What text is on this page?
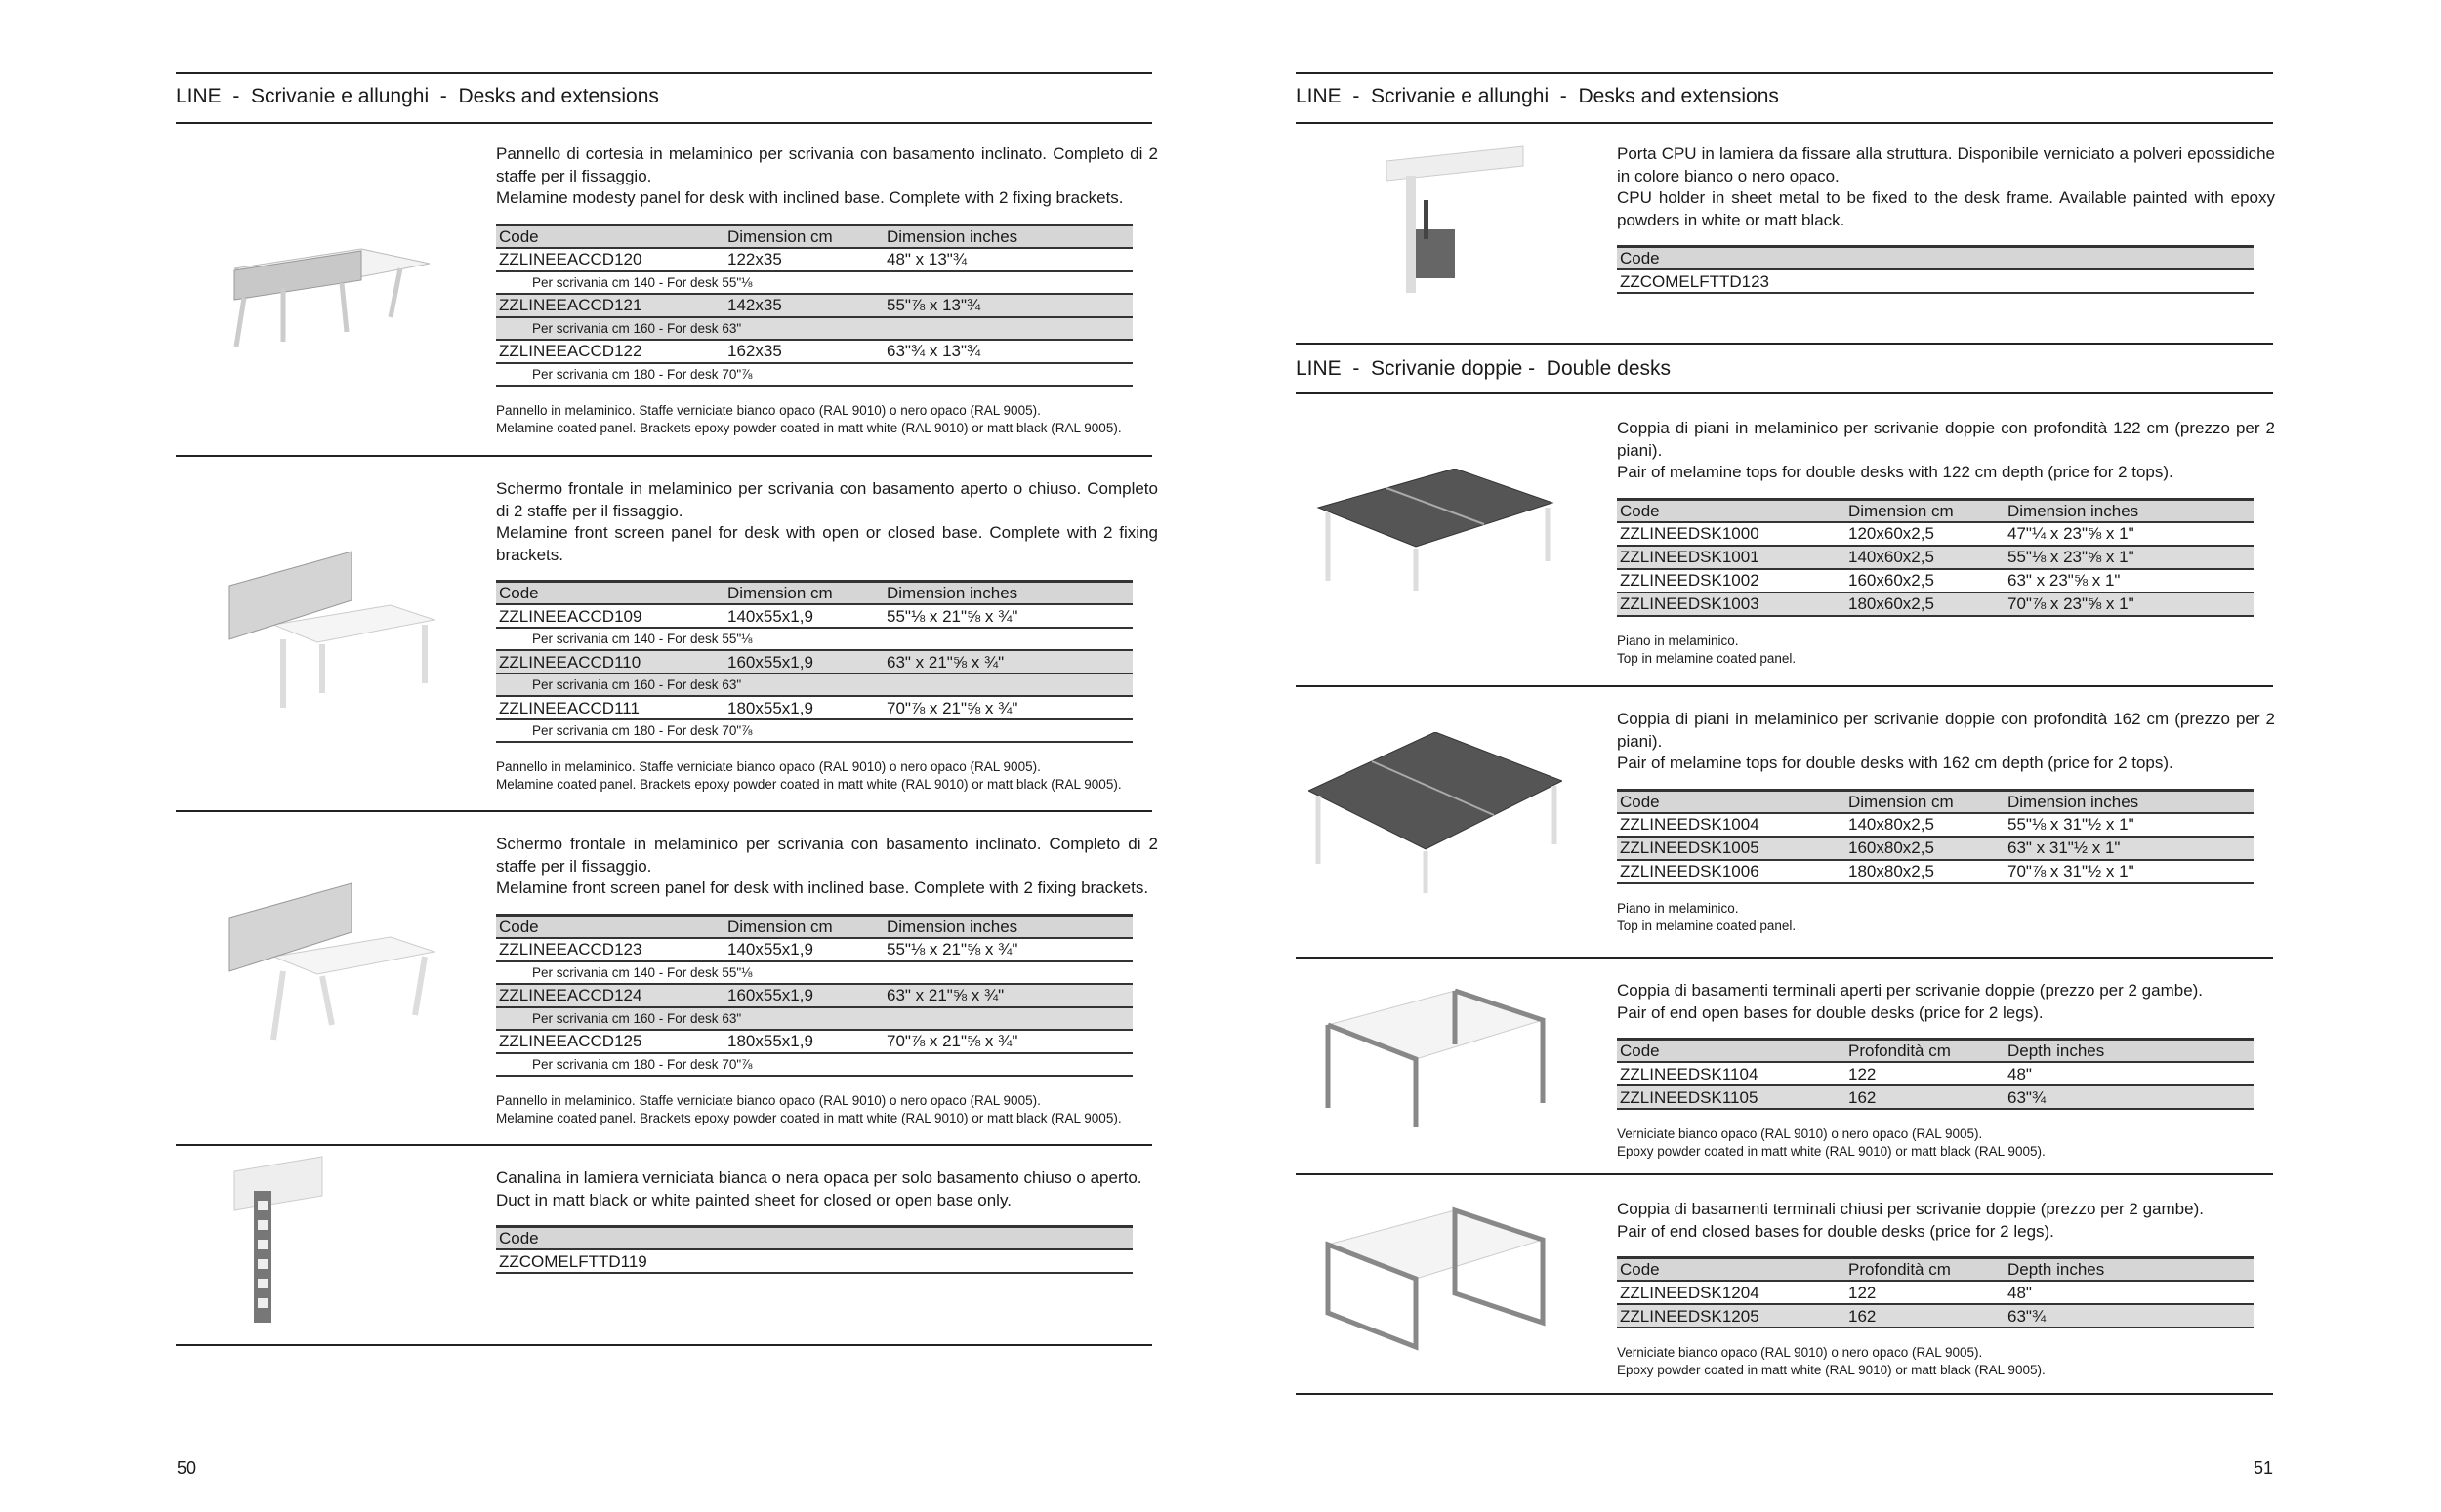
LINE  -  Scrivanie e allunghi  -  Desks and extensions
50
LINE  -  Scrivanie e allunghi  -  Desks and extensions
LINE  -  Scrivanie doppie -  Double desks
51

Pannello di cortesia in melaminico per scrivania con basamento inclinato. Completo di 2 staffe per il fissaggio.

Melamine modesty panel for desk with inclined base. Complete with 2 fixing brackets.

Code	Dimension cm	Dimension inches
ZZLINEEACCD120	122x35	48" x 13"¾
Per scrivania cm 140 - For desk 55"⅛		
ZZLINEEACCD121	142x35	55"⅞ x 13"¾
Per scrivania cm 160 - For desk 63"		
ZZLINEEACCD122	162x35	63"¾ x 13"¾
Per scrivania cm 180 - For desk 70"⅞		

Pannello in melaminico. Staffe verniciate bianco opaco (RAL 9010) o nero opaco (RAL 9005).

Melamine coated panel. Brackets epoxy powder coated in matt white (RAL 9010) or matt black (RAL 9005).

Schermo frontale in melaminico per scrivania con basamento aperto o chiuso. Completo di 2 staffe per il fissaggio.

Melamine front screen panel for desk with open or closed base. Complete with 2 fixing brackets.

Code	Dimension cm	Dimension inches
ZZLINEEACCD109	140x55x1,9	55"⅛ x 21"⅝ x ¾"
Per scrivania cm 140 - For desk 55"⅛		
ZZLINEEACCD110	160x55x1,9	63" x 21"⅝ x ¾"
Per scrivania cm 160 - For desk 63"		
ZZLINEEACCD111	180x55x1,9	70"⅞ x 21"⅝ x ¾"
Per scrivania cm 180 - For desk 70"⅞		

Pannello in melaminico. Staffe verniciate bianco opaco (RAL 9010) o nero opaco (RAL 9005).

Melamine coated panel. Brackets epoxy powder coated in matt white (RAL 9010) or matt black (RAL 9005).

Schermo frontale in melaminico per scrivania con basamento inclinato. Completo di 2 staffe per il fissaggio.

Melamine front screen panel for desk with inclined base. Complete with 2 fixing brackets.

Code	Dimension cm	Dimension inches
ZZLINEEACCD123	140x55x1,9	55"⅛ x 21"⅝ x ¾"
Per scrivania cm 140 - For desk 55"⅛		
ZZLINEEACCD124	160x55x1,9	63" x 21"⅝ x ¾"
Per scrivania cm 160 - For desk 63"		
ZZLINEEACCD125	180x55x1,9	70"⅞ x 21"⅝ x ¾"
Per scrivania cm 180 - For desk 70"⅞		

Pannello in melaminico. Staffe verniciate bianco opaco (RAL 9010) o nero opaco (RAL 9005).

Melamine coated panel. Brackets epoxy powder coated in matt white (RAL 9010) or matt black (RAL 9005).

Canalina in lamiera verniciata bianca o nera opaca per solo basamento chiuso o aperto.

Duct in matt black or white painted sheet for closed or open base only.

Code
ZZCOMELFTTD119

Porta CPU in lamiera da fissare alla struttura. Disponibile verniciato a polveri epossidiche in colore bianco o nero opaco.

CPU holder in sheet metal to be fixed to the desk frame. Available painted with epoxy powders in white or matt black.

Code
ZZCOMELFTTD123

Coppia di piani in melaminico per scrivanie doppie con profondità 122 cm (prezzo per 2 piani).

Pair of melamine tops for double desks with 122 cm depth (price for 2 tops).

Code	Dimension cm	Dimension inches
ZZLINEEDSK1000	120x60x2,5	47"¼ x 23"⅝ x 1"
ZZLINEEDSK1001	140x60x2,5	55"⅛ x 23"⅝ x 1"
ZZLINEEDSK1002	160x60x2,5	63" x 23"⅝ x 1"
ZZLINEEDSK1003	180x60x2,5	70"⅞ x 23"⅝ x 1"

Piano in melaminico.

Top in melamine coated panel.

Coppia di piani in melaminico per scrivanie doppie con profondità 162 cm (prezzo per 2 piani).

Pair of melamine tops for double desks with 162 cm depth (price for 2 tops).

Code	Dimension cm	Dimension inches
ZZLINEEDSK1004	140x80x2,5	55"⅛ x 31"½ x 1"
ZZLINEEDSK1005	160x80x2,5	63" x 31"½ x 1"
ZZLINEEDSK1006	180x80x2,5	70"⅞ x 31"½ x 1"

Piano in melaminico.

Top in melamine coated panel.

Coppia di basamenti terminali aperti per scrivanie doppie (prezzo per 2 gambe).

Pair of end open bases for double desks (price for 2 legs).

Code	Profondità cm	Depth inches
ZZLINEEDSK1104	122	48"
ZZLINEEDSK1105	162	63"¾

Verniciate bianco opaco (RAL 9010) o nero opaco (RAL 9005).

Epoxy powder coated in matt white (RAL 9010) or matt black (RAL 9005).

Coppia di basamenti terminali chiusi per scrivanie doppie (prezzo per 2 gambe).

Pair of end closed bases for double desks (price for 2 legs).

Code	Profondità cm	Depth inches
ZZLINEEDSK1204	122	48"
ZZLINEEDSK1205	162	63"¾

Verniciate bianco opaco (RAL 9010) o nero opaco (RAL 9005).

Epoxy powder coated in matt white (RAL 9010) or matt black (RAL 9005).
